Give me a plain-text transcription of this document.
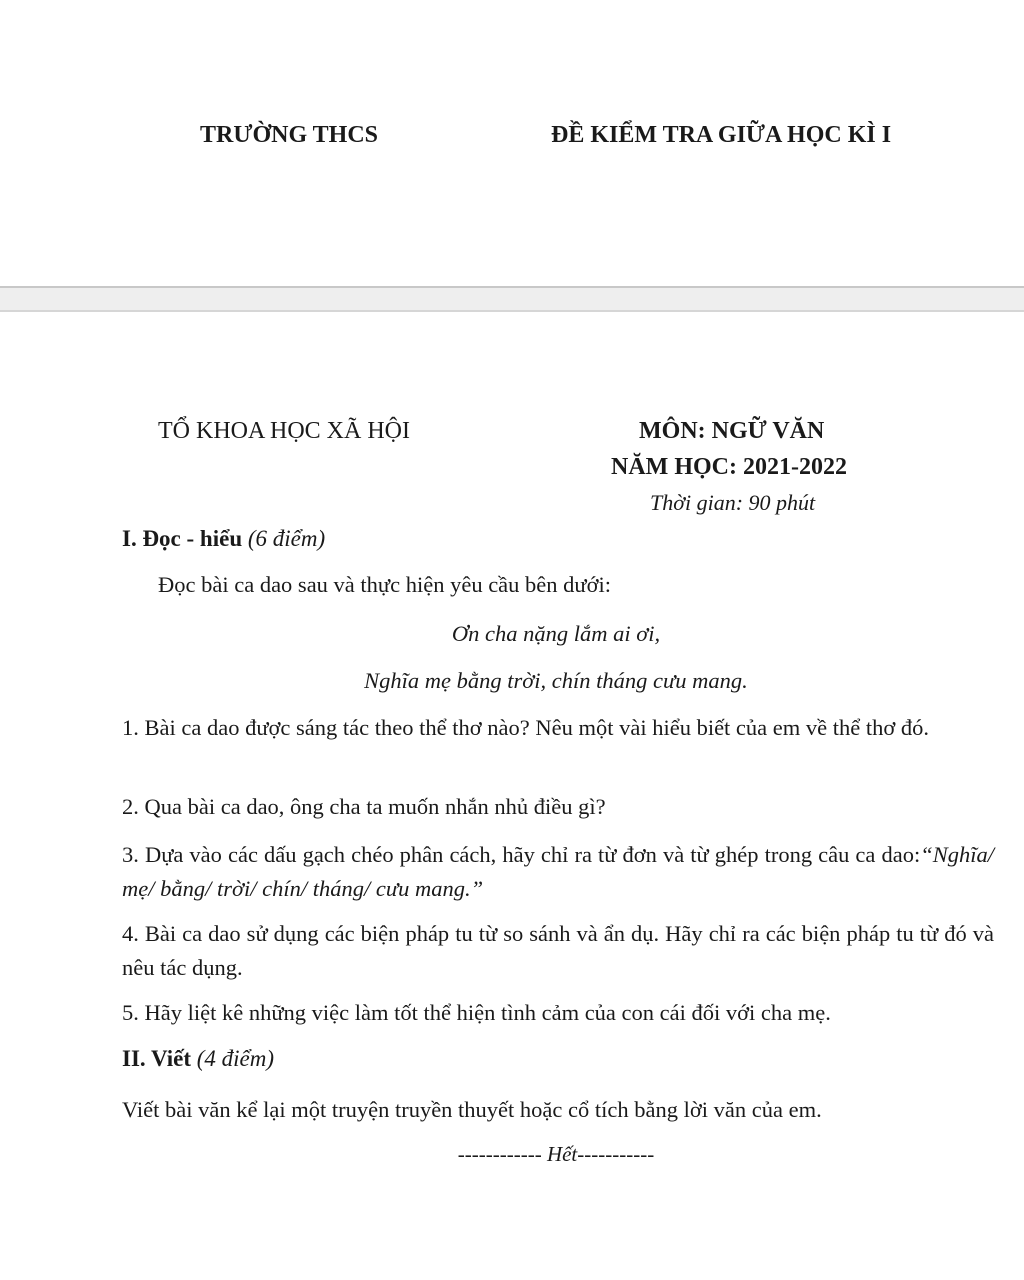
TRƯỜNG THCS	ĐỀ KIỂM TRA GIỮA HỌC KÌ I
TỔ KHOA HỌC XÃ HỘI	MÔN: NGỮ VĂN
NĂM HỌC: 2021-2022
Thời gian: 90 phút
I. Đọc - hiểu (6 điểm)
Đọc bài ca dao sau và thực hiện yêu cầu bên dưới:
Ơn cha nặng lắm ai ơi,
Nghĩa mẹ bằng trời, chín tháng cưu mang.
1. Bài ca dao được sáng tác theo thể thơ nào? Nêu một vài hiểu biết của em về thể thơ đó.
2. Qua bài ca dao, ông cha ta muốn nhắn nhủ điều gì?
3. Dựa vào các dấu gạch chéo phân cách, hãy chỉ ra từ đơn và từ ghép trong câu ca dao:“Nghĩa/ mẹ/ bằng/ trời/ chín/ tháng/ cưu mang.”
4. Bài ca dao sử dụng các biện pháp tu từ so sánh và ẩn dụ. Hãy chỉ ra các biện pháp tu từ đó và nêu tác dụng.
5. Hãy liệt kê những việc làm tốt thể hiện tình cảm của con cái đối với cha mẹ.
II. Viết (4 điểm)
Viết bài văn kể lại một truyện truyền thuyết hoặc cổ tích bằng lời văn của em.
------------ Hết-----------
